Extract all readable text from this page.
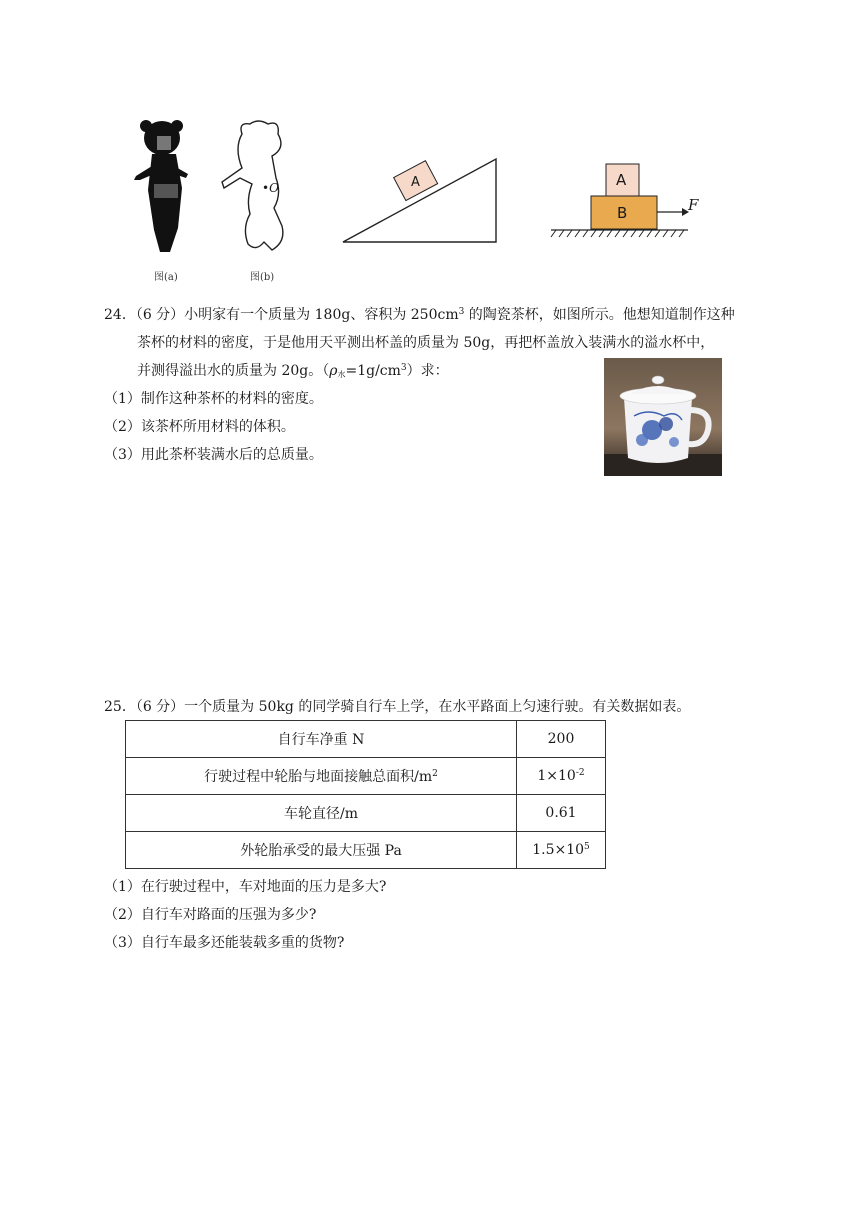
•O
图(a)	图(b)
A	A
B	F
24．（6 分）小明家有一个质量为 180g、容积为 $250cm^3$ 的陶瓷茶杯，如图所示。他想知道制作这种
茶杯的材料的密度，于是他用天平测出杯盖的质量为 50g，再把杯盖放入装满水的溢水杯中，
并测得溢出水的质量为 20g。$(\rho_水=1g/cm^3)$求：
（1）制作这种茶杯的材料的密度。
（2）该茶杯所用材料的体积。
（3）用此茶杯装满水后的总质量。
25．（6 分）一个质量为 50kg 的同学骑自行车上学，在水平路面上匀速行驶。有关数据如表。
自行车净重 N	200
行驶过程中轮胎与地面接触总面积$/m^2$	$1\times 10^{-2}$
车轮直径/m	0.61
外轮胎承受的最大压强 Pa	$1.5\times 10^5$
（1）在行驶过程中，车对地面的压力是多大?
（2）自行车对路面的压强为多少?
（3）自行车最多还能装载多重的货物?
